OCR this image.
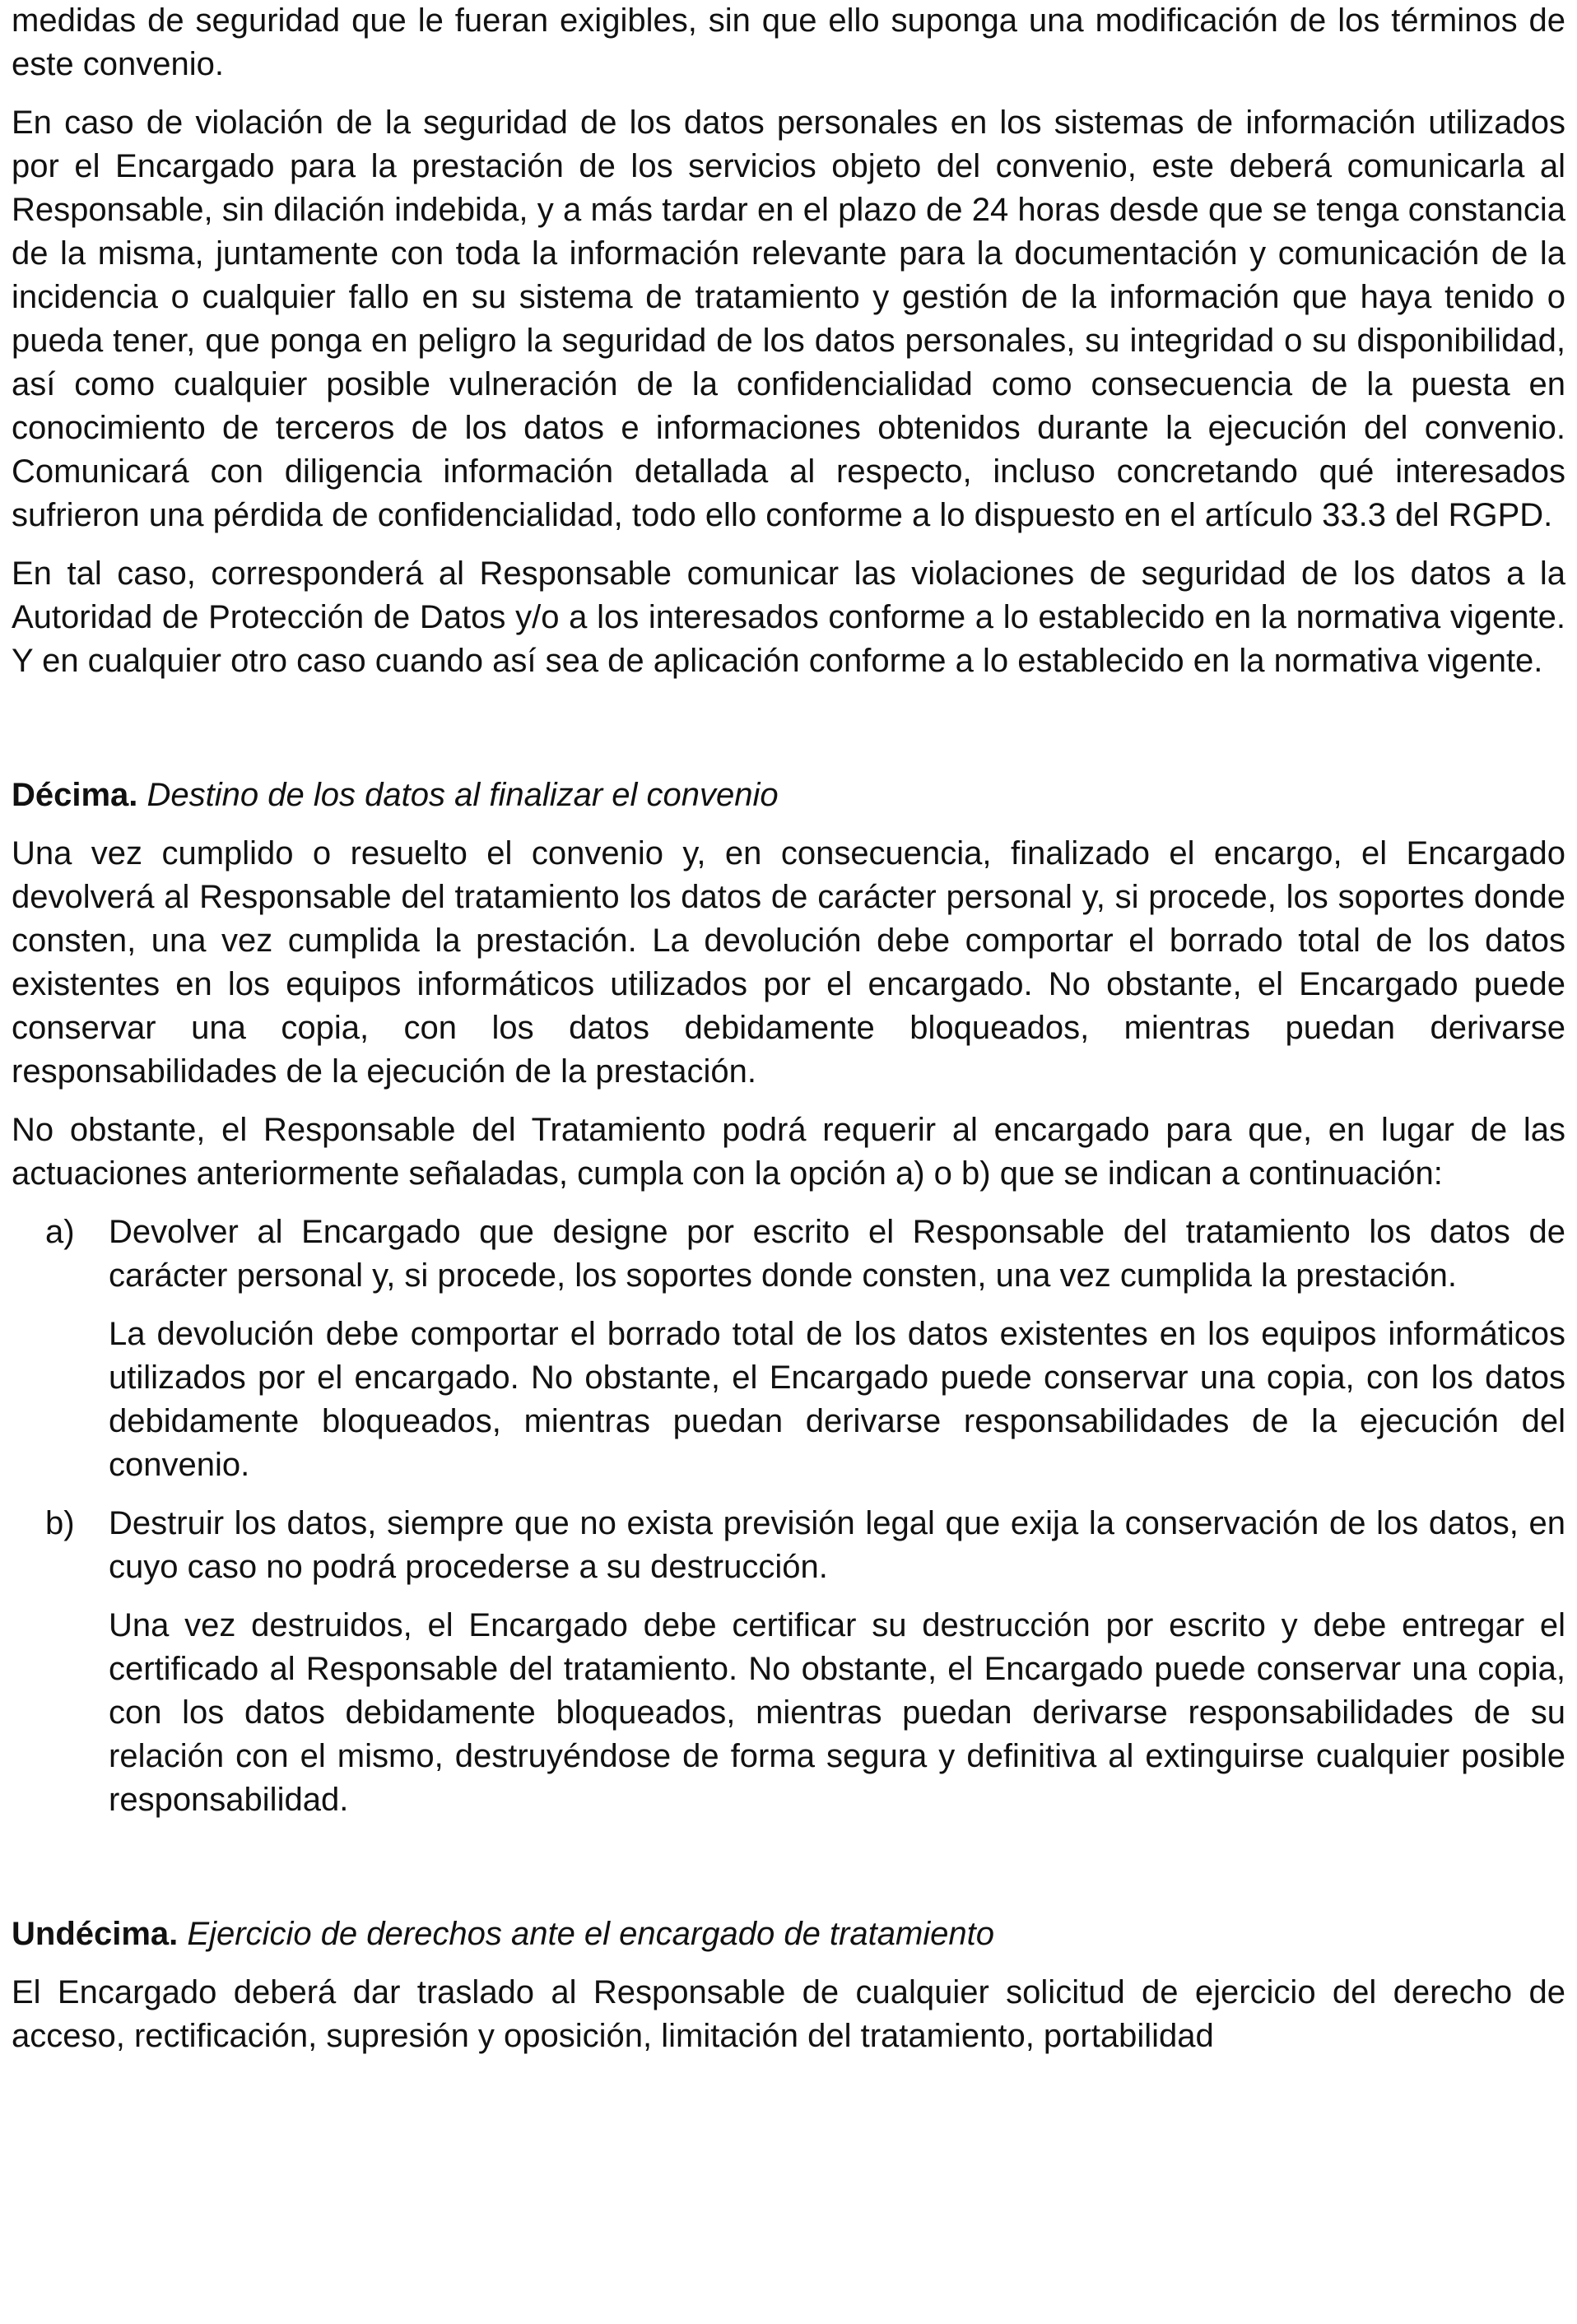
medidas de seguridad que le fueran exigibles, sin que ello suponga una modificación de los términos de este convenio.

En caso de violación de la seguridad de los datos personales en los sistemas de información utilizados por el Encargado para la prestación de los servicios objeto del convenio, este deberá comunicarla al Responsable, sin dilación indebida, y a más tardar en el plazo de 24 horas desde que se tenga constancia de la misma, juntamente con toda la información relevante para la documentación y comunicación de la incidencia o cualquier fallo en su sistema de tratamiento y gestión de la información que haya tenido o pueda tener, que ponga en peligro la seguridad de los datos personales, su integridad o su disponibilidad, así como cualquier posible vulneración de la confidencialidad como consecuencia de la puesta en conocimiento de terceros de los datos e informaciones obtenidos durante la ejecución del convenio. Comunicará con diligencia información detallada al respecto, incluso concretando qué interesados sufrieron una pérdida de confidencialidad, todo ello conforme a lo dispuesto en el artículo 33.3 del RGPD.

En tal caso, corresponderá al Responsable comunicar las violaciones de seguridad de los datos a la Autoridad de Protección de Datos y/o a los interesados conforme a lo establecido en la normativa vigente. Y en cualquier otro caso cuando así sea de aplicación conforme a lo establecido en la normativa vigente.

Décima. Destino de los datos al finalizar el convenio

Una vez cumplido o resuelto el convenio y, en consecuencia, finalizado el encargo, el Encargado devolverá al Responsable del tratamiento los datos de carácter personal y, si procede, los soportes donde consten, una vez cumplida la prestación. La devolución debe comportar el borrado total de los datos existentes en los equipos informáticos utilizados por el encargado. No obstante, el Encargado puede conservar una copia, con los datos debidamente bloqueados, mientras puedan derivarse responsabilidades de la ejecución de la prestación.

No obstante, el Responsable del Tratamiento podrá requerir al encargado para que, en lugar de las actuaciones anteriormente señaladas, cumpla con la opción a) o b) que se indican a continuación:

a) Devolver al Encargado que designe por escrito el Responsable del tratamiento los datos de carácter personal y, si procede, los soportes donde consten, una vez cumplida la prestación.

La devolución debe comportar el borrado total de los datos existentes en los equipos informáticos utilizados por el encargado. No obstante, el Encargado puede conservar una copia, con los datos debidamente bloqueados, mientras puedan derivarse responsabilidades de la ejecución del convenio.

b) Destruir los datos, siempre que no exista previsión legal que exija la conservación de los datos, en cuyo caso no podrá procederse a su destrucción.

Una vez destruidos, el Encargado debe certificar su destrucción por escrito y debe entregar el certificado al Responsable del tratamiento. No obstante, el Encargado puede conservar una copia, con los datos debidamente bloqueados, mientras puedan derivarse responsabilidades de su relación con el mismo, destruyéndose de forma segura y definitiva al extinguirse cualquier posible responsabilidad.

Undécima. Ejercicio de derechos ante el encargado de tratamiento

El Encargado deberá dar traslado al Responsable de cualquier solicitud de ejercicio del derecho de acceso, rectificación, supresión y oposición, limitación del tratamiento, portabilidad
